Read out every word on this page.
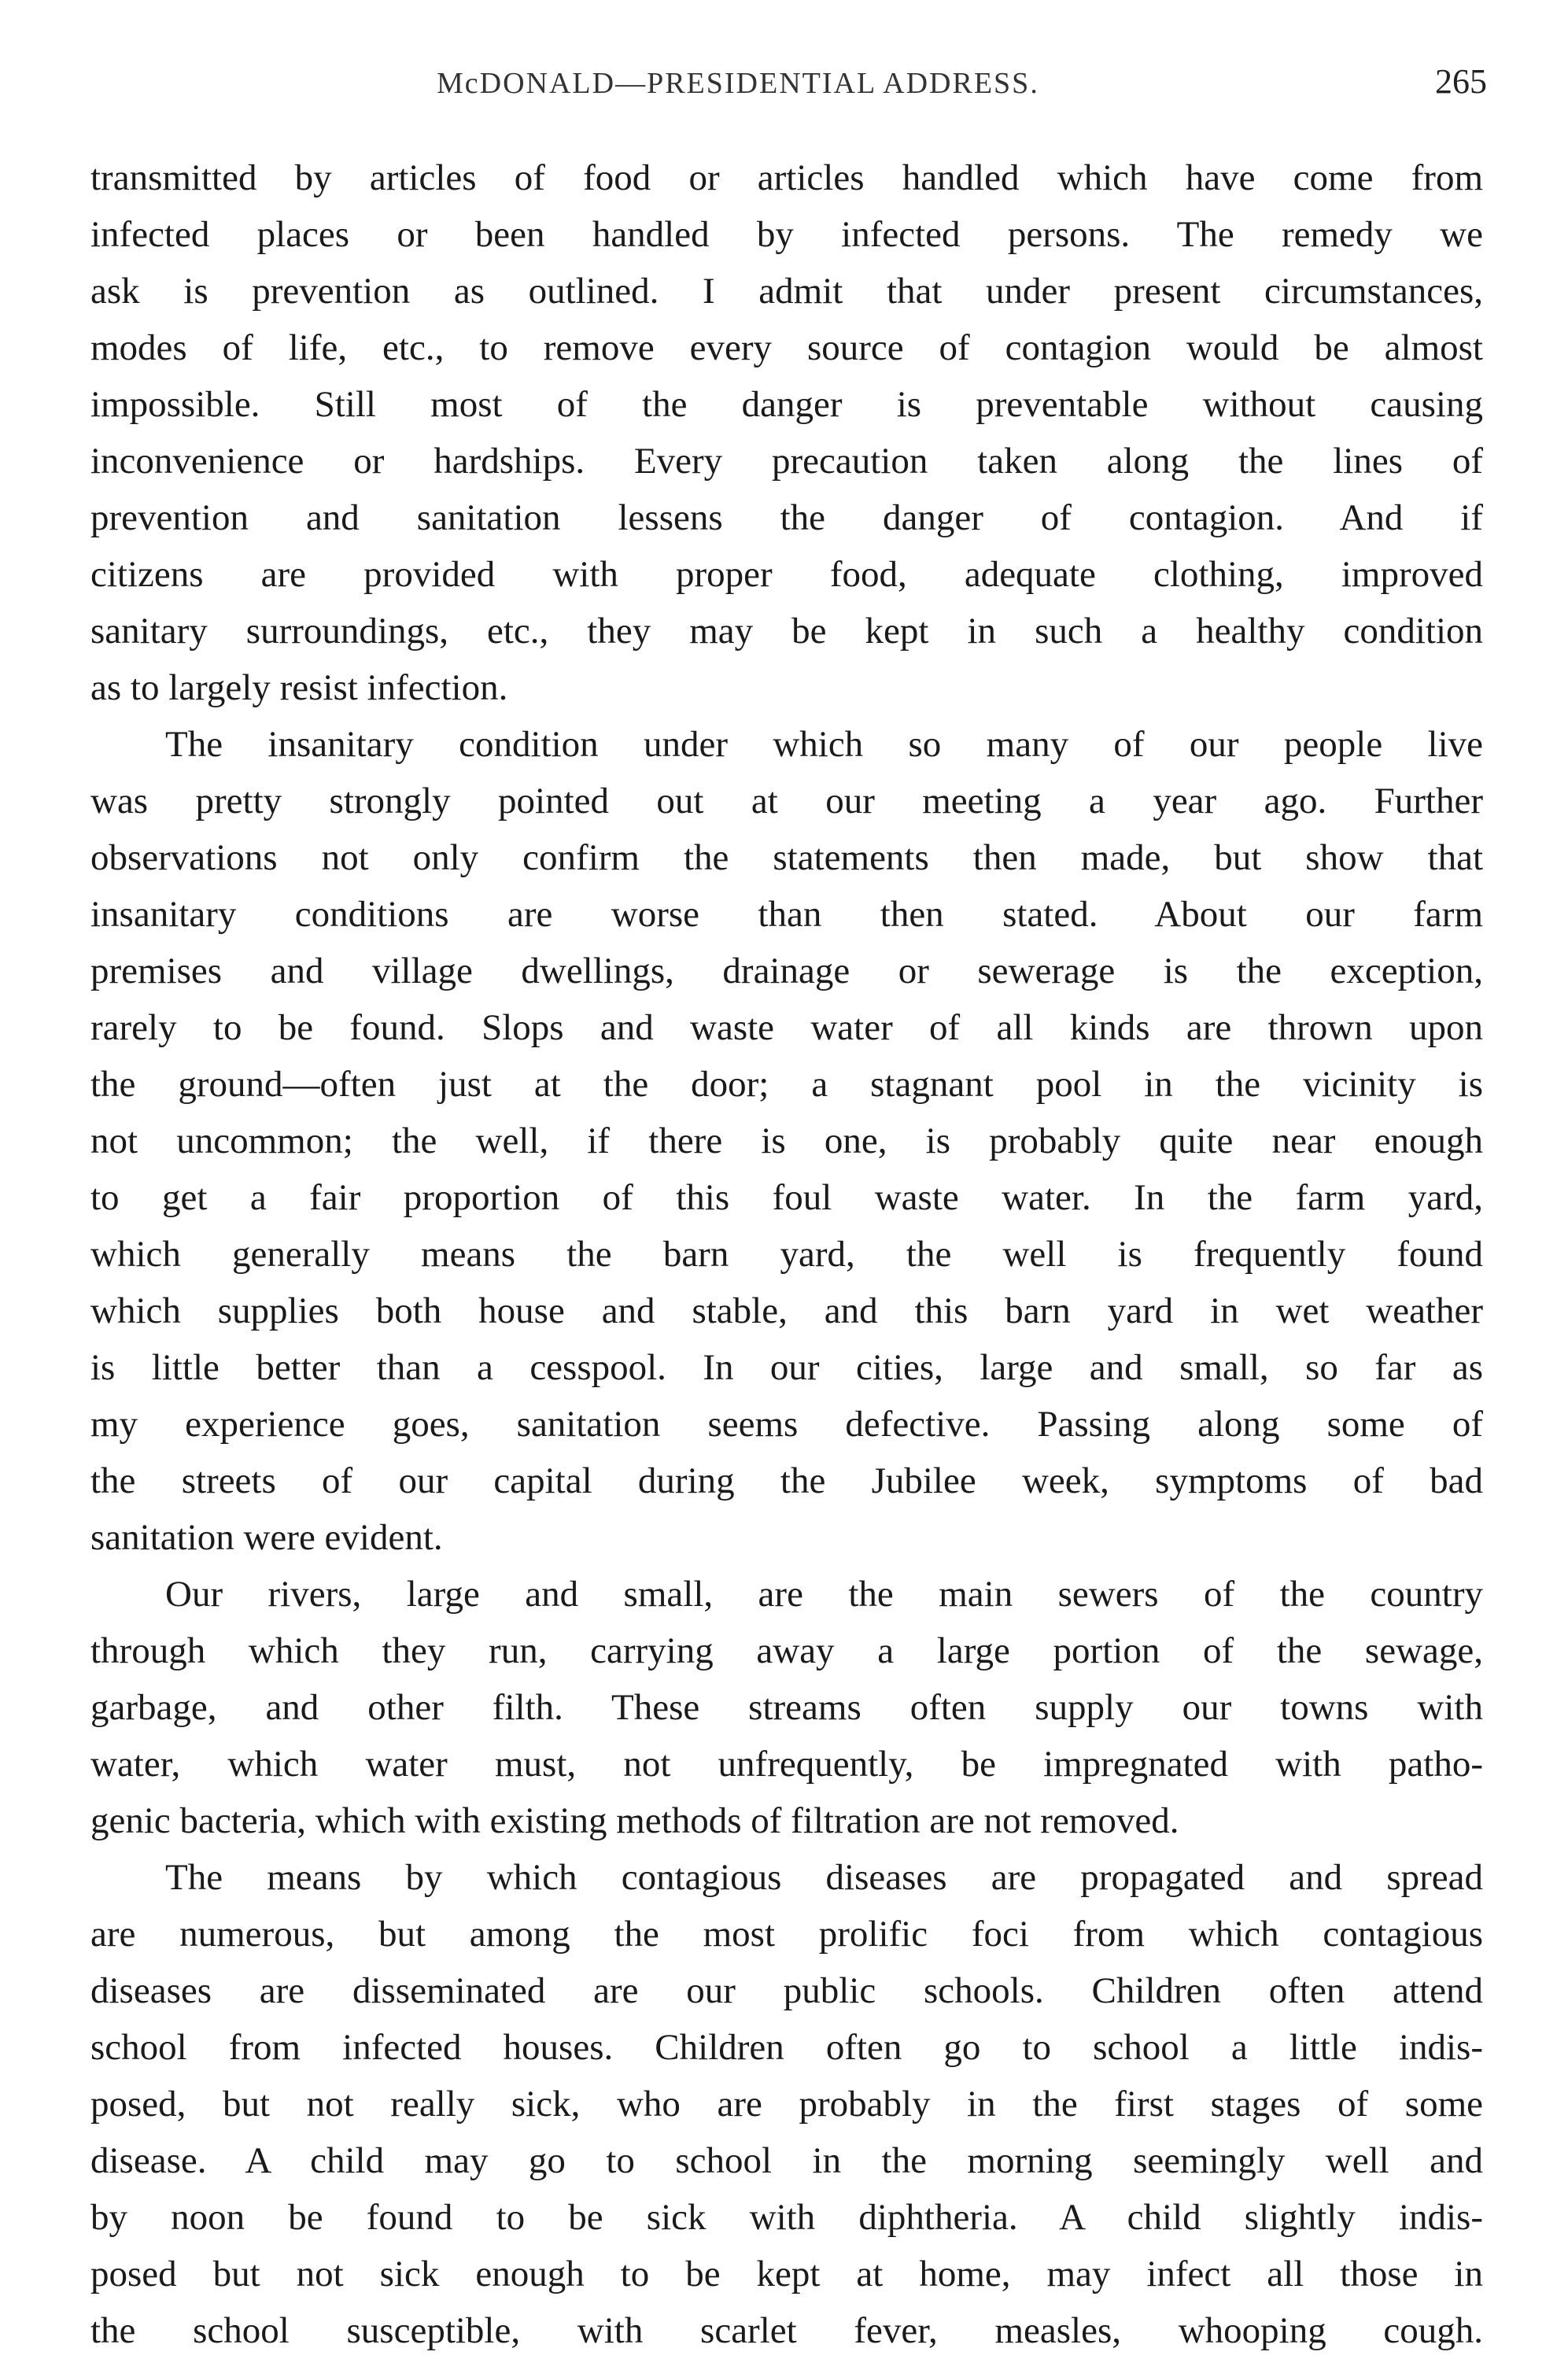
McDONALD—PRESIDENTIAL ADDRESS.	265
transmitted by articles of food or articles handled which have come from
infected places or been handled by infected persons. The remedy we
ask is prevention as outlined. I admit that under present circumstances,
modes of life, etc., to remove every source of contagion would be almost
impossible. Still most of the danger is preventable without causing
inconvenience or hardships. Every precaution taken along the lines of
prevention and sanitation lessens the danger of contagion. And if
citizens are provided with proper food, adequate clothing, improved
sanitary surroundings, etc., they may be kept in such a healthy condition
as to largely resist infection.
The insanitary condition under which so many of our people live
was pretty strongly pointed out at our meeting a year ago. Further
observations not only confirm the statements then made, but show that
insanitary conditions are worse than then stated. About our farm
premises and village dwellings, drainage or sewerage is the exception,
rarely to be found. Slops and waste water of all kinds are thrown upon
the ground—often just at the door; a stagnant pool in the vicinity is
not uncommon; the well, if there is one, is probably quite near enough
to get a fair proportion of this foul waste water. In the farm yard,
which generally means the barn yard, the well is frequently found
which supplies both house and stable, and this barn yard in wet weather
is little better than a cesspool. In our cities, large and small, so far as
my experience goes, sanitation seems defective. Passing along some of
the streets of our capital during the Jubilee week, symptoms of bad
sanitation were evident.
Our rivers, large and small, are the main sewers of the country
through which they run, carrying away a large portion of the sewage,
garbage, and other filth. These streams often supply our towns with
water, which water must, not unfrequently, be impregnated with patho-
genic bacteria, which with existing methods of filtration are not removed.
The means by which contagious diseases are propagated and spread
are numerous, but among the most prolific foci from which contagious
diseases are disseminated are our public schools. Children often attend
school from infected houses. Children often go to school a little indis-
posed, but not really sick, who are probably in the first stages of some
disease. A child may go to school in the morning seemingly well and
by noon be found to be sick with diphtheria. A child slightly indis-
posed but not sick enough to be kept at home, may infect all those in
the school susceptible, with scarlet fever, measles, whooping cough.
